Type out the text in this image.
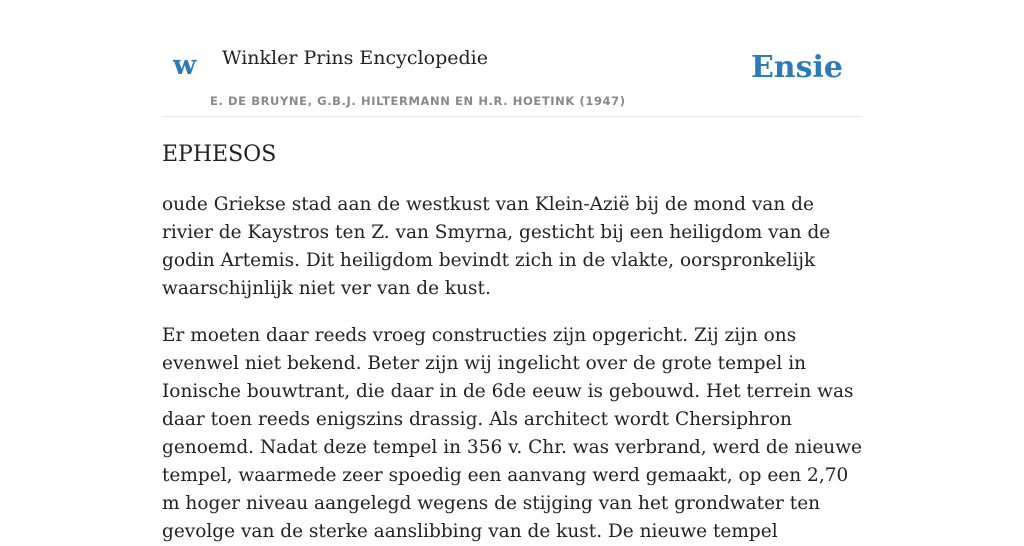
w Winkler Prins Encyclopedie
E. DE BRUYNE, G.B.J. HILTERMANN EN H.R. HOETINK (1947)
Ensie
EPHESOS

oude Griekse stad aan de westkust van Klein-Azië bij de mond van de rivier de Kaystros ten Z. van Smyrna, gesticht bij een heiligdom van de godin Artemis. Dit heiligdom bevindt zich in de vlakte, oorspronkelijk waarschijnlijk niet ver van de kust.

Er moeten daar reeds vroeg constructies zijn opgericht. Zij zijn ons evenwel niet bekend. Beter zijn wij ingelicht over de grote tempel in Ionische bouwtrant, die daar in de 6de eeuw is gebouwd. Het terrein was daar toen reeds enigszins drassig. Als architect wordt Chersiphron genoemd. Nadat deze tempel in 356 v. Chr. was verbrand, werd de nieuwe tempel, waarmede zeer spoedig een aanvang werd gemaakt, op een 2,70 m hoger niveau aangelegd wegens de stijging van het grondwater ten gevolge van de sterke aanslibbing van de kust. De nieuwe tempel
